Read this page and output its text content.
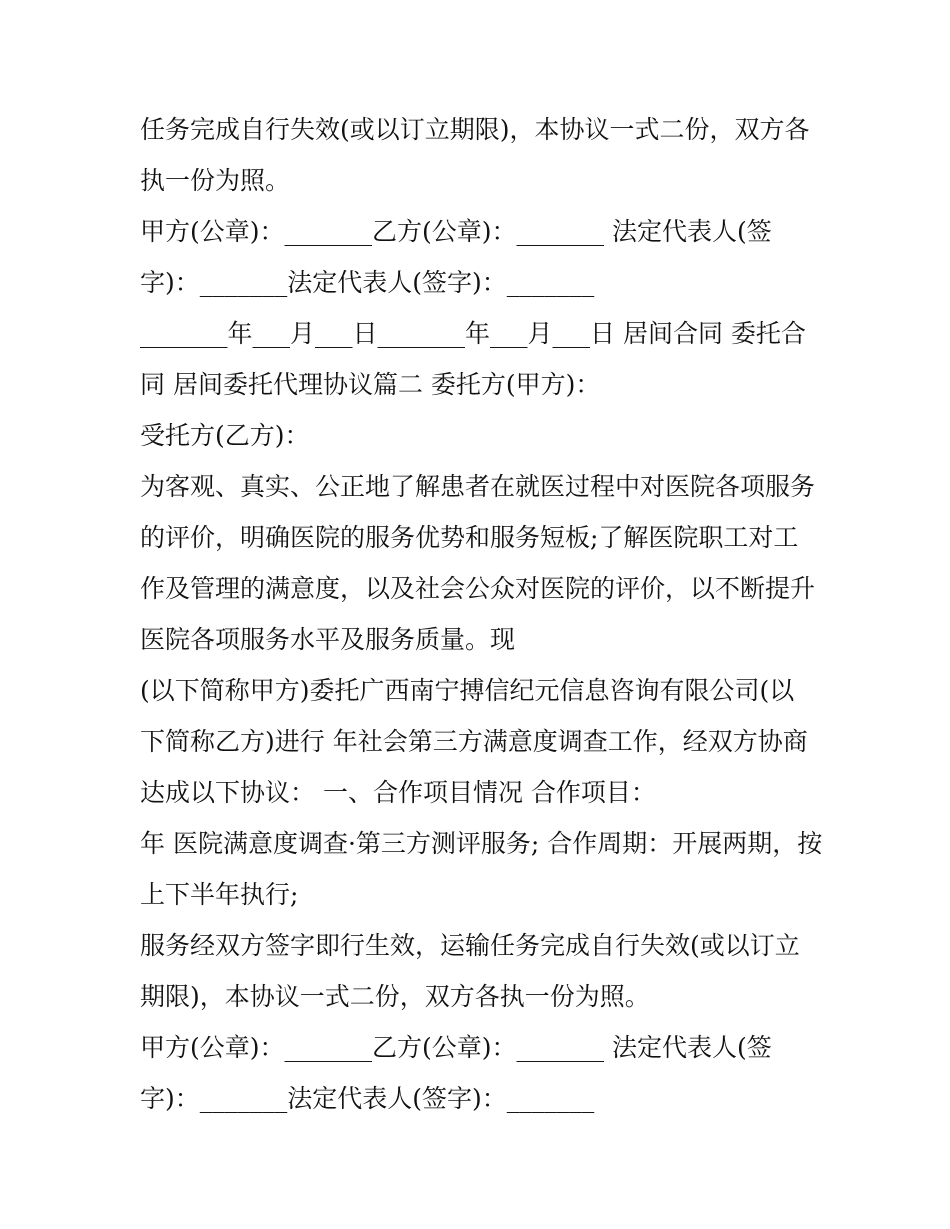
任务完成自行失效(或以订立期限)，本协议一式二份，双方各
执一份为照。
甲方(公章)：_______乙方(公章)：_______ 法定代表人(签
字)：_______法定代表人(签字)：_______
_______年___月___日_______年___月___日 居间合同 委托合
同 居间委托代理协议篇二 委托方(甲方)：
受托方(乙方)：
为客观、真实、公正地了解患者在就医过程中对医院各项服务
的评价，明确医院的服务优势和服务短板;了解医院职工对工
作及管理的满意度，以及社会公众对医院的评价，以不断提升
医院各项服务水平及服务质量。现
(以下简称甲方)委托广西南宁搏信纪元信息咨询有限公司(以
下简称乙方)进行 年社会第三方满意度调查工作，经双方协商
达成以下协议： 一、合作项目情况 合作项目：
年 医院满意度调查·第三方测评服务; 合作周期：开展两期，按
上下半年执行;
服务经双方签字即行生效，运输任务完成自行失效(或以订立
期限)，本协议一式二份，双方各执一份为照。
甲方(公章)：_______乙方(公章)：_______ 法定代表人(签
字)：_______法定代表人(签字)：_______
